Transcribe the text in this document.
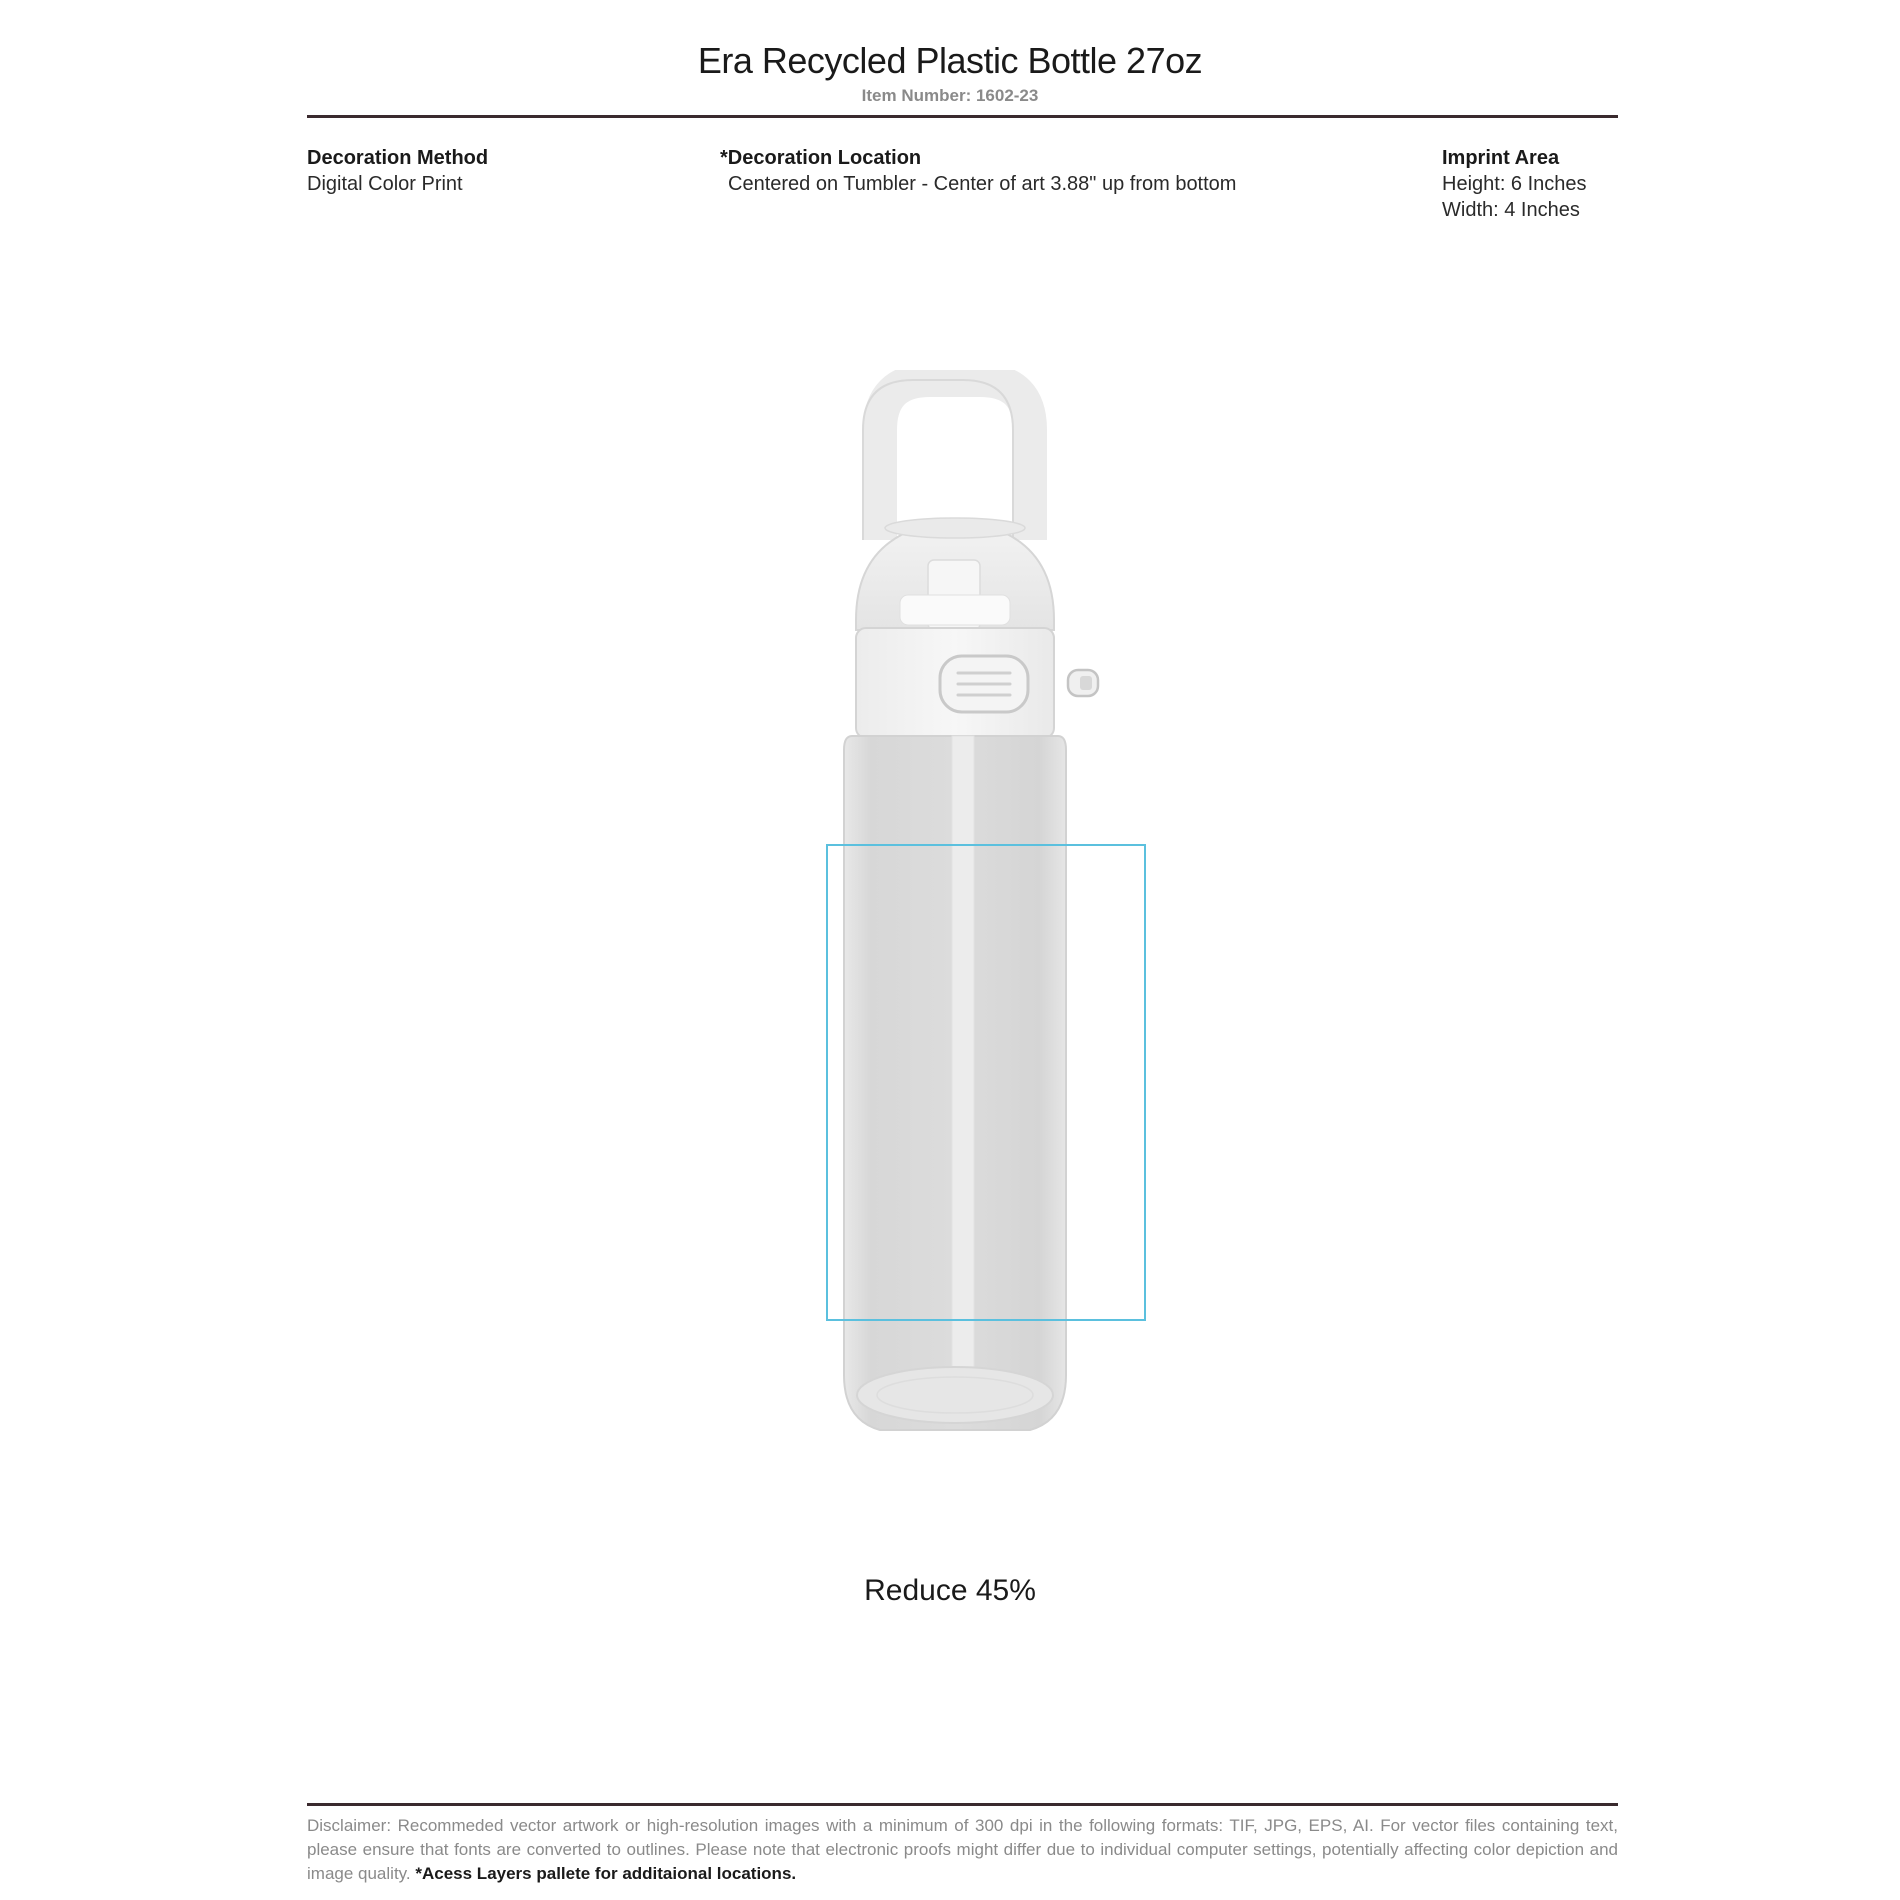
Era Recycled Plastic Bottle 27oz
Item Number: 1602-23
Decoration Method
Digital Color Print
*Decoration Location
Centered on Tumbler - Center of art 3.88" up from bottom
Imprint Area
Height: 6 Inches
Width: 4 Inches
Reduce 45%
Disclaimer: Recommeded vector artwork or high-resolution images with a minimum of 300 dpi in the following formats: TIF, JPG, EPS, AI. For vector files containing text, please ensure that fonts are converted to outlines. Please note that electronic proofs might differ due to individual computer settings, potentially affecting color depiction and image quality. *Acess Layers pallete for additaional locations.
